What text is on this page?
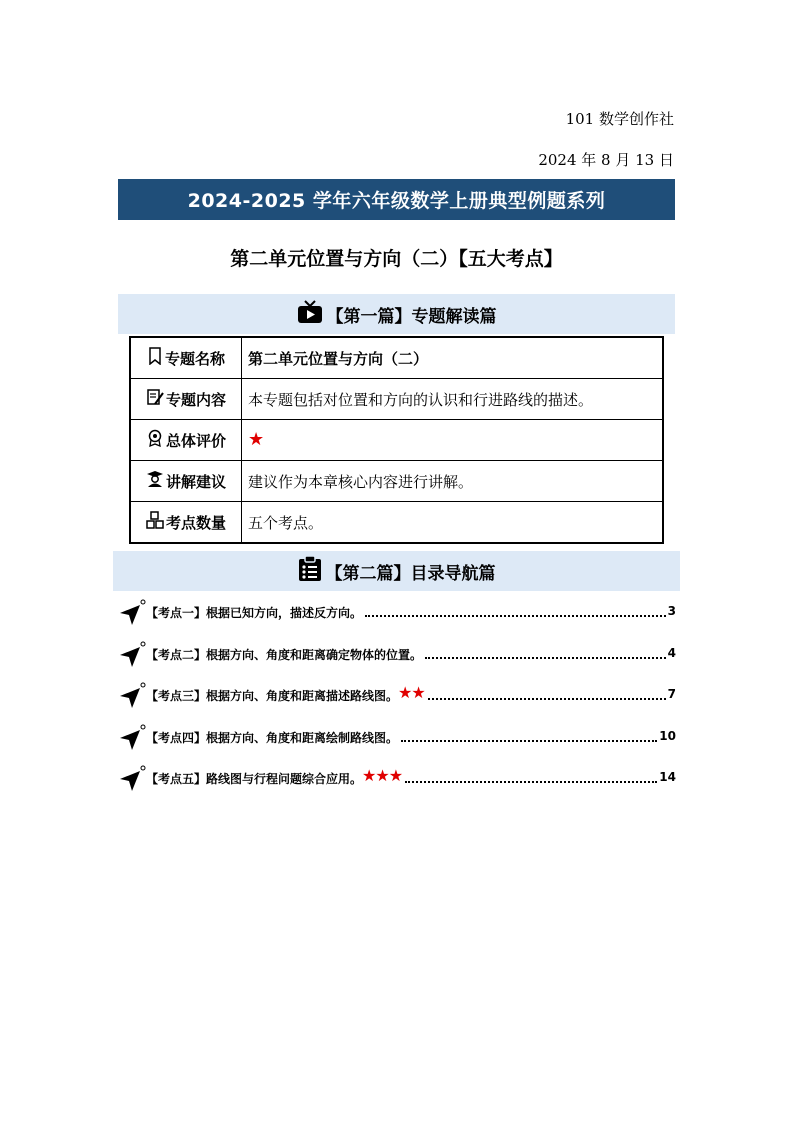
101 数学创作社
2024 年 8 月 13 日
2024-2025 学年六年级数学上册典型例题系列
第二单元位置与方向（二）【五大考点】
【第一篇】专题解读篇
专题名称	第二单元位置与方向（二）

专题内容	本专题包括对位置和方向的认识和行进路线的描述。

总体评价	★

讲解建议	建议作为本章核心内容进行讲解。

考点数量	五个考点。
【第二篇】目录导航篇
【考点一】根据已知方向，描述反方向。	3
【考点二】根据方向、角度和距离确定物体的位置。	4
【考点三】根据方向、角度和距离描述路线图。 ★★	7
【考点四】根据方向、角度和距离绘制路线图。	10
【考点五】路线图与行程问题综合应用。 ★★★	14
